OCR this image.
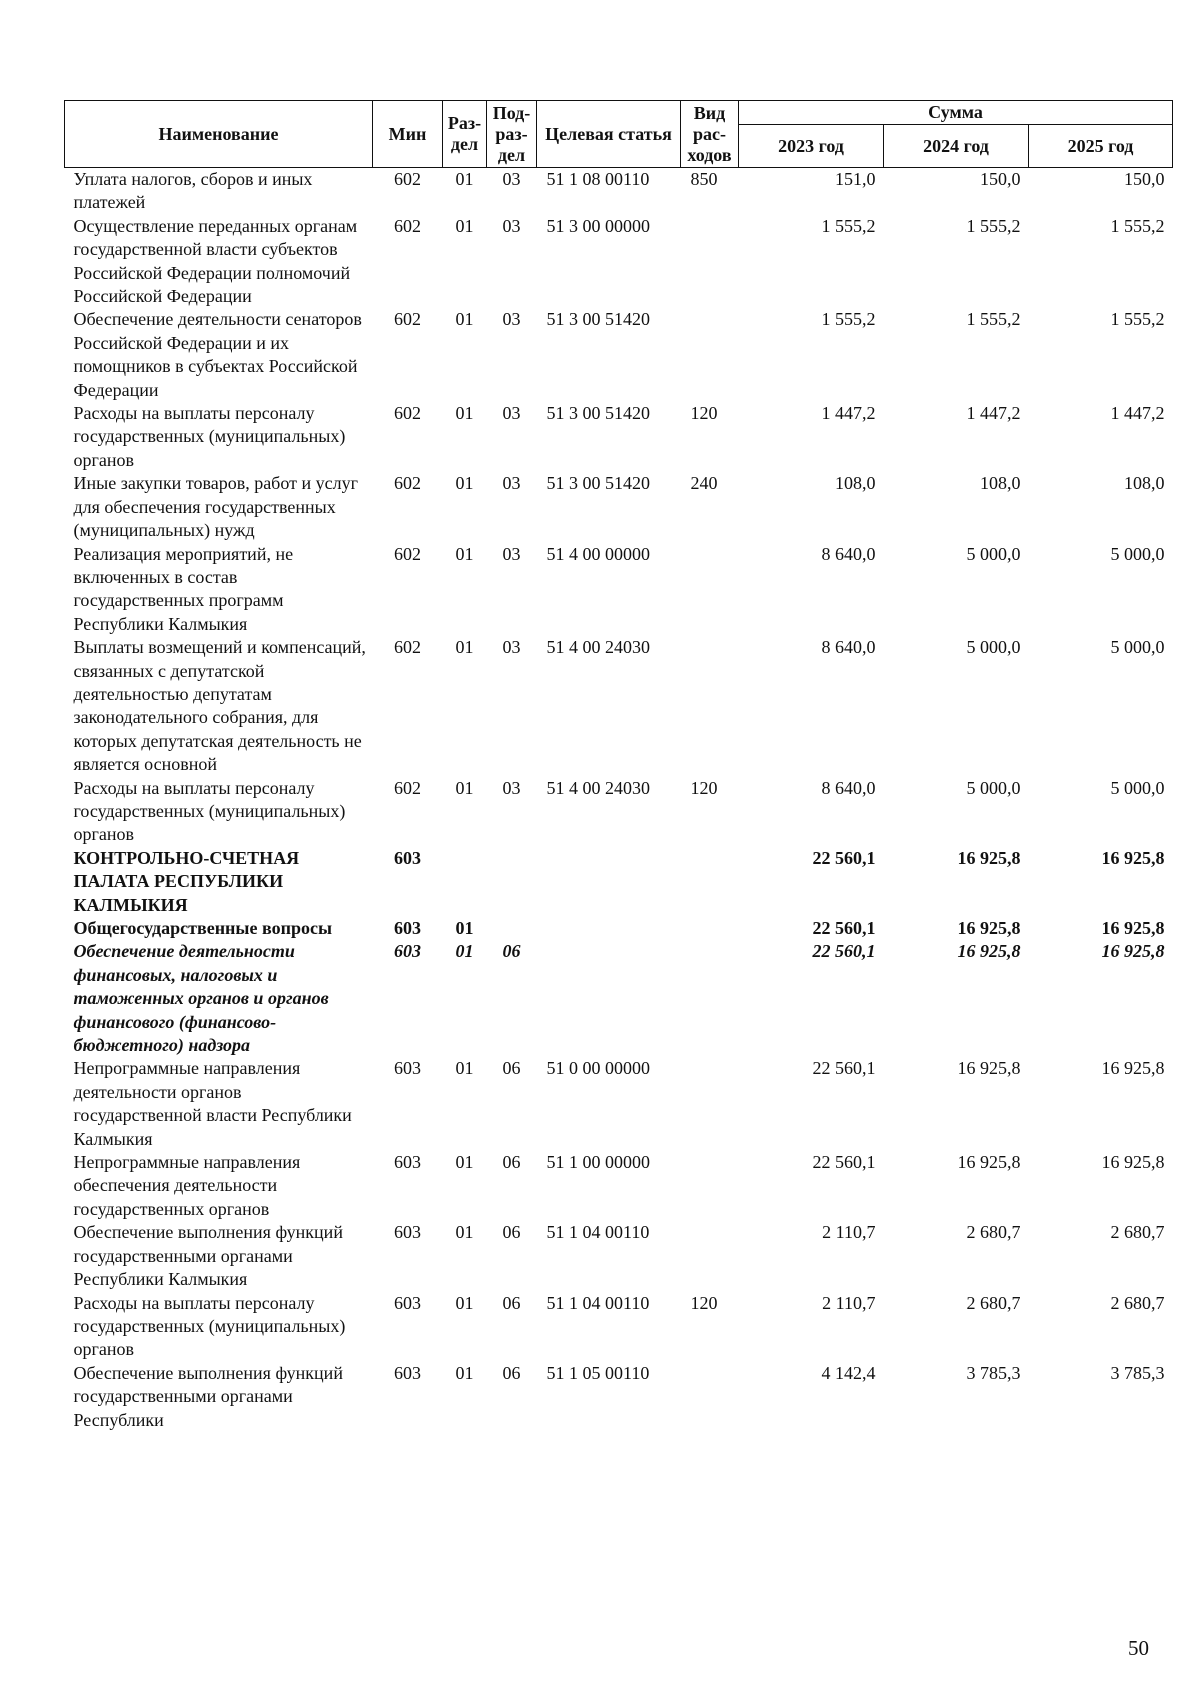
Наименование	Мин	Раз-дел	Под-раз-дел	Целевая статья	Вид рас-ходов	Сумма		
						2023 год	2024 год	2025 год
Уплата налогов, сборов и иных платежей	602	01	03	51 1 08 00110	850	151,0	150,0	150,0
Осуществление переданных органам государственной власти субъектов Российской Федерации полномочий Российской Федерации	602	01	03	51 3 00 00000		1 555,2	1 555,2	1 555,2
Обеспечение деятельности сенаторов Российской Федерации и их помощников в субъектах Российской Федерации	602	01	03	51 3 00 51420		1 555,2	1 555,2	1 555,2
Расходы на выплаты персоналу государственных (муниципальных) органов	602	01	03	51 3 00 51420	120	1 447,2	1 447,2	1 447,2
Иные закупки товаров, работ и услуг для обеспечения государственных (муниципальных) нужд	602	01	03	51 3 00 51420	240	108,0	108,0	108,0
Реализация мероприятий, не включенных в состав государственных программ Республики Калмыкия	602	01	03	51 4 00 00000		8 640,0	5 000,0	5 000,0
Выплаты возмещений и компенсаций, связанных с депутатской деятельностью депутатам законодательного собрания, для которых депутатская деятельность не является основной	602	01	03	51 4 00 24030		8 640,0	5 000,0	5 000,0
Расходы на выплаты персоналу государственных (муниципальных) органов	602	01	03	51 4 00 24030	120	8 640,0	5 000,0	5 000,0
КОНТРОЛЬНО-СЧЕТНАЯ ПАЛАТА РЕСПУБЛИКИ КАЛМЫКИЯ	603					22 560,1	16 925,8	16 925,8
Общегосударственные вопросы	603	01				22 560,1	16 925,8	16 925,8
Обеспечение деятельности финансовых, налоговых и таможенных органов и органов финансового (финансово-бюджетного) надзора	603	01	06			22 560,1	16 925,8	16 925,8
Непрограммные направления деятельности органов государственной власти Республики Калмыкия	603	01	06	51 0 00 00000		22 560,1	16 925,8	16 925,8
Непрограммные направления обеспечения деятельности государственных органов	603	01	06	51 1 00 00000		22 560,1	16 925,8	16 925,8
Обеспечение выполнения функций государственными органами Республики Калмыкия	603	01	06	51 1 04 00110		2 110,7	2 680,7	2 680,7
Расходы на выплаты персоналу государственных (муниципальных) органов	603	01	06	51 1 04 00110	120	2 110,7	2 680,7	2 680,7
Обеспечение выполнения функций государственными органами Республики	603	01	06	51 1 05 00110		4 142,4	3 785,3	3 785,3
50
